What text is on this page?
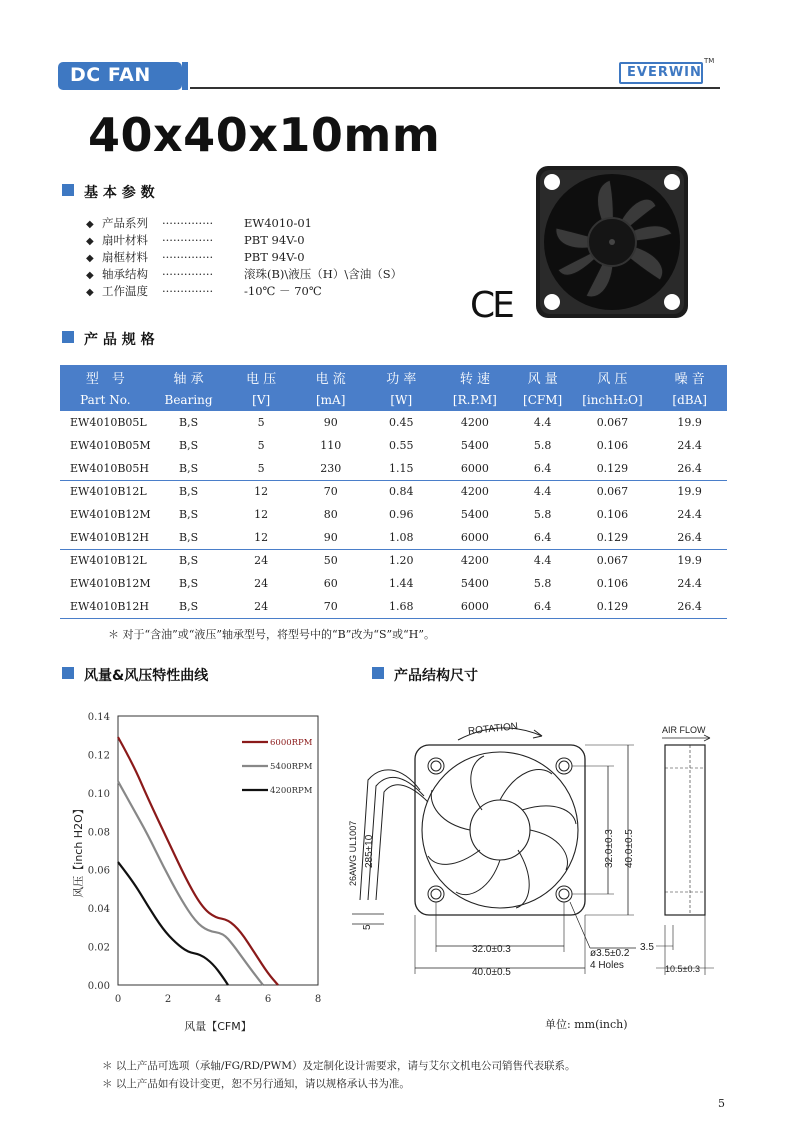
DC FAN	EVERWIN
TM
40x40x10mm
基 本 参 数
◆ 产品系列 ··············	EW4010-01
◆ 扇叶材料 ··············	PBT 94V-0
◆ 扇框材料 ··············	PBT 94V-0
◆ 轴承结构 ··············	滚珠(B)\液压（H）\含油（S）
◆ 工作温度 ··············	-10℃ － 70℃	CE
产 品 规 格
型　号	轴 承	电 压	电 流	功 率	转 速	风 量	风 压	噪 音
Part No.	Bearing	[V]	[mA]	[W]	[R.P.M]	[CFM]	[inchH₂O]	[dBA]
EW4010B05L	B,S	5	90	0.45	4200	4.4	0.067	19.9
EW4010B05M	B,S	5	110	0.55	5400	5.8	0.106	24.4
EW4010B05H	B,S	5	230	1.15	6000	6.4	0.129	26.4
EW4010B12L	B,S	12	70	0.84	4200	4.4	0.067	19.9
EW4010B12M	B,S	12	80	0.96	5400	5.8	0.106	24.4
EW4010B12H	B,S	12	90	1.08	6000	6.4	0.129	26.4
EW4010B12L	B,S	24	50	1.20	4200	4.4	0.067	19.9
EW4010B12M	B,S	24	60	1.44	5400	5.8	0.106	24.4
EW4010B12H	B,S	24	70	1.68	6000	6.4	0.129	26.4
＊ 对于“含油”或“液压”轴承型号，将型号中的“B”改为“S”或“H”。
风量&风压特性曲线	产品结构尺寸
0.00
0.02
0.04
0.06
0.08
0.10
0.12
0.14
0	2	4	6	8
风量【CFM】
风压【inch H2O】
6000RPM
5400RPM
4200RPM
ROTATION
26AWG UL1007 285±10
5
32.0±0.3 40.0±0.5
32.0±0.3
40.0±0.5
ø3.5±0.2
4 Holes
AIR FLOW
3.5
10.5±0.3
单位: mm(inch)
＊ 以上产品可选项（承轴/FG/RD/PWM）及定制化设计需要求，请与艾尔文机电公司销售代表联系。
＊ 以上产品如有设计变更，恕不另行通知，请以规格承认书为准。
5
